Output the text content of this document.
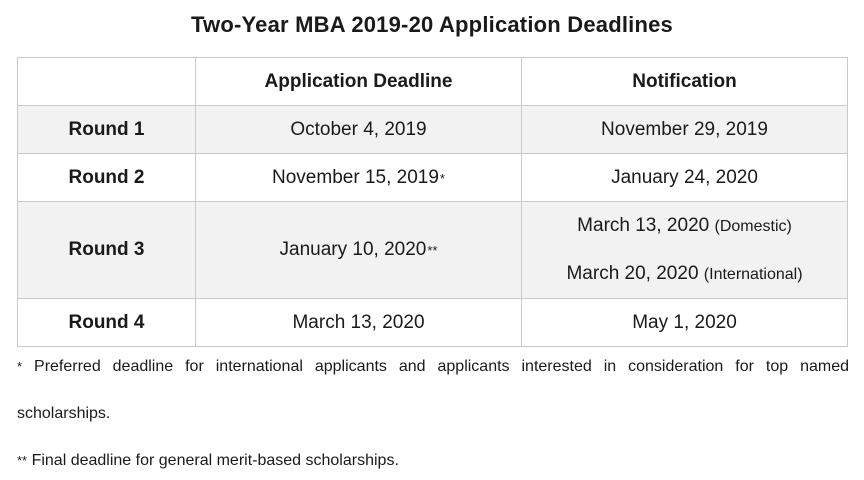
Two-Year MBA 2019-20 Application Deadlines
	Application Deadline	Notification
Round 1	October 4, 2019	November 29, 2019
Round 2	November 15, 2019*	January 24, 2020
Round 3	January 10, 2020**	March 13, 2020 (Domestic)
March 20, 2020 (International)

Round 4	March 13, 2020	May 1, 2020
* Preferred deadline for international applicants and applicants interested in consideration for top named
scholarships.
** Final deadline for general merit-based scholarships.
